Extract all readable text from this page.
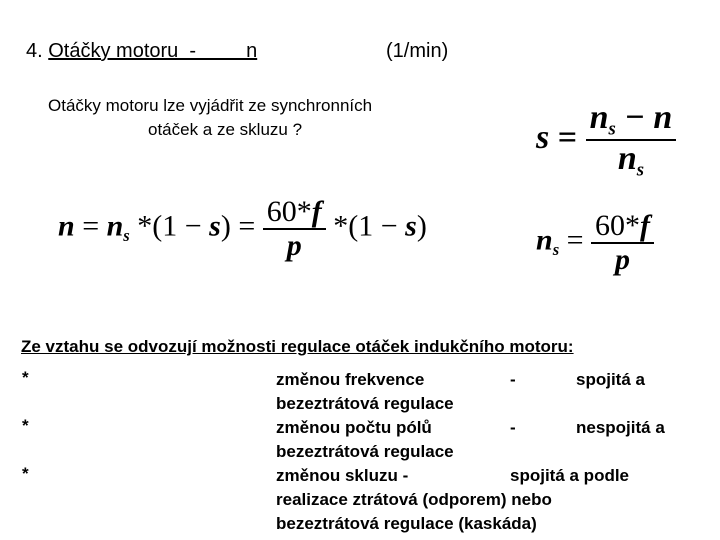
4. Otáčky motoru  -         n	(1/min)
Otáčky motoru lze vyjádřit ze synchronních
otáček a ze skluzu ?	$s = \frac{ns - n}{ns}$
n = ns $*(1 - s) = \frac{60*f}{p} *(1 - s)$	ns = $\frac{60*f}{p}$
Ze vztahu se odvozují možnosti regulace otáček indukčního motoru:
*
*
*
změnou frekvence	-	spojitá a
bezeztrátová regulace
změnou počtu pólů	-	nespojitá a
bezeztrátová regulace
změnou skluzu -	spojitá a podle
realizace ztrátová (odporem) nebo
bezeztrátová regulace (kaskáda)
